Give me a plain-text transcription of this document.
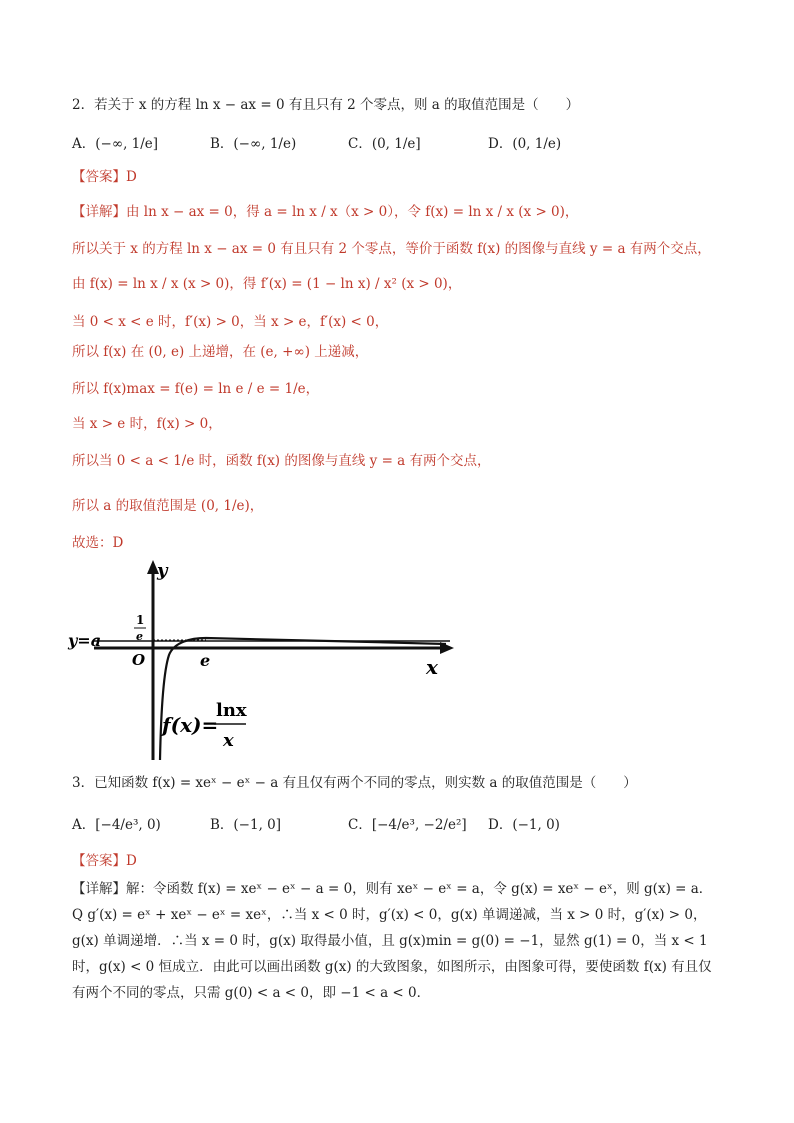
2．若关于 x 的方程 ln x − ax = 0 有且只有 2 个零点，则 a 的取值范围是（　　）
A．(−∞, 1/e]	B．(−∞, 1/e)	C．(0, 1/e]	D．(0, 1/e)
【答案】D
【详解】由 ln x − ax = 0，得 a = ln x / x（x > 0），令 f(x) = ln x / x (x > 0)，
所以关于 x 的方程 ln x − ax = 0 有且只有 2 个零点，等价于函数 f(x) 的图像与直线 y = a 有两个交点，
由 f(x) = ln x / x (x > 0)，得 f′(x) = (1 − ln x) / x² (x > 0)，
当 0 < x < e 时，f′(x) > 0，当 x > e，f′(x) < 0，
所以 f(x) 在 (0, e) 上递增，在 (e, +∞) 上递减，
所以 f(x)max = f(e) = ln e / e = 1/e，
当 x > e 时，f(x) > 0，
所以当 0 < a < 1/e 时，函数 f(x) 的图像与直线 y = a 有两个交点，
所以 a 的取值范围是 (0, 1/e)，
故选：D
y
x
O	e
1
e
y=a
f(x)=
lnx
x
3．已知函数 f(x) = xeˣ − eˣ − a 有且仅有两个不同的零点，则实数 a 的取值范围是（　　）
A．[−4/e³, 0)	B．(−1, 0]	C．[−4/e³, −2/e²] D．(−1, 0)
【答案】D
【详解】解：令函数 f(x) = xeˣ − eˣ − a = 0，则有 xeˣ − eˣ = a，令 g(x) = xeˣ − eˣ，则 g(x) = a．Q g′(x) = eˣ + xeˣ − eˣ = xeˣ，∴当 x < 0 时，g′(x) < 0，g(x) 单调递减，当 x > 0 时，g′(x) > 0，g(x) 单调递增．∴当 x = 0 时，g(x) 取得最小值，且 g(x)min = g(0) = −1，显然 g(1) = 0，当 x < 1 时，g(x) < 0 恒成立．由此可以画出函数 g(x) 的大致图象，如图所示，由图象可得，要使函数 f(x) 有且仅有两个不同的零点，只需 g(0) < a < 0，即 −1 < a < 0．
